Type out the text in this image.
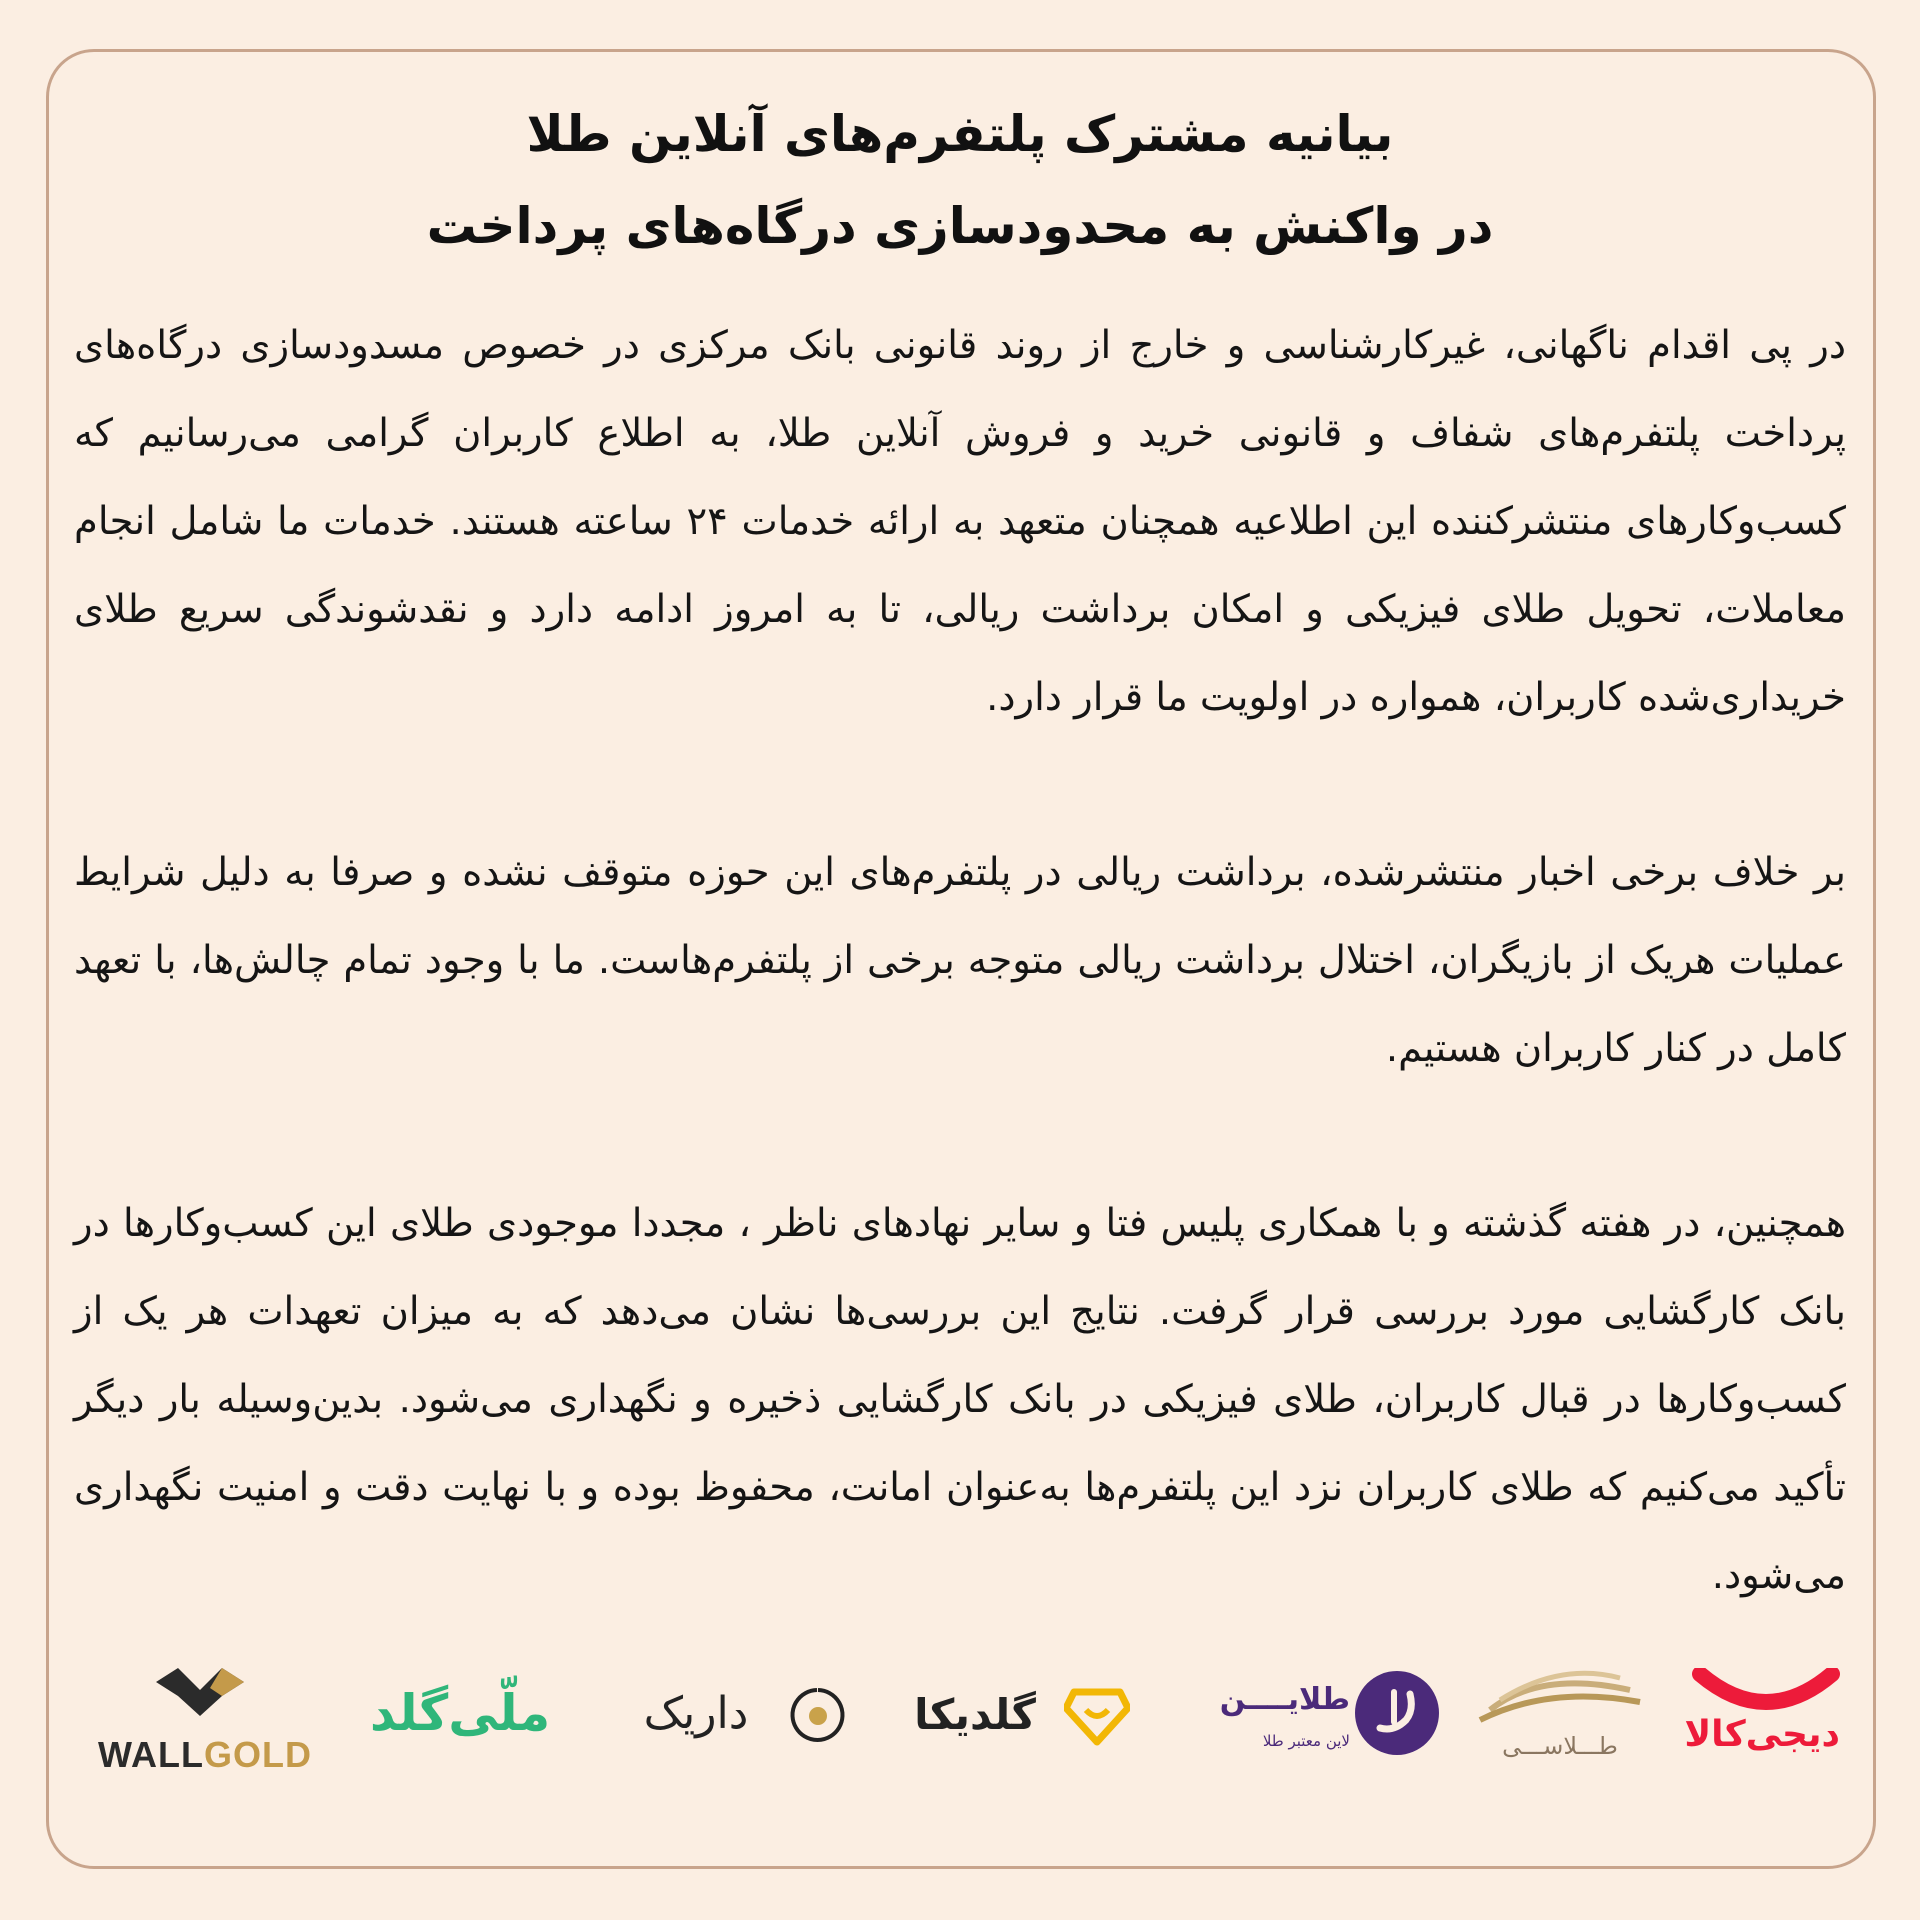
بیانیه مشترک پلتفرم‌های آنلاین طلا
در واکنش به محدودسازی درگاه‌های پرداخت

در پی اقدام ناگهانی، غیرکارشناسی و خارج از روند قانونی بانک مرکزی در خصوص مسدودسازی درگاه‌های پرداخت پلتفرم‌های شفاف و قانونی خرید و فروش آنلاین طلا، به اطلاع کاربران گرامی می‌رسانیم که کسب‌وکارهای منتشرکننده این اطلاعیه همچنان متعهد به ارائه خدمات ۲۴ ساعته هستند. خدمات ما شامل انجام معاملات، تحویل طلای فیزیکی و امکان برداشت ریالی، تا به امروز ادامه دارد و نقدشوندگی سریع طلای خریداری‌شده کاربران، همواره در اولویت ما قرار دارد.

بر خلاف برخی اخبار منتشرشده، برداشت ریالی در پلتفرم‌های این حوزه متوقف نشده و صرفا به دلیل شرایط عملیات هریک از بازیگران، اختلال برداشت ریالی متوجه برخی از پلتفرم‌هاست. ما با وجود تمام چالش‌ها، با تعهد کامل در کنار کاربران هستیم.

همچنین، در هفته گذشته و با همکاری پلیس فتا و سایر نهادهای ناظر ، مجددا موجودی طلای این کسب‌وکارها در بانک کارگشایی مورد بررسی قرار گرفت. نتایج این بررسی‌ها نشان می‌دهد که به میزان تعهدات هر یک از کسب‌وکارها در قبال کاربران، طلای فیزیکی در بانک کارگشایی ذخیره و نگهداری می‌شود. بدین‌وسیله بار دیگر تأکید می‌کنیم که طلای کاربران نزد این پلتفرم‌ها به‌عنوان امانت، محفوظ بوده و با نهایت دقت و امنیت نگهداری می‌شود.

دیجی‌کالا
طـــلاســـی
طلایــــن
لاین معتبر طلا
گلدیکا
داریک
ملّی‌گلد
WALLGOLD
